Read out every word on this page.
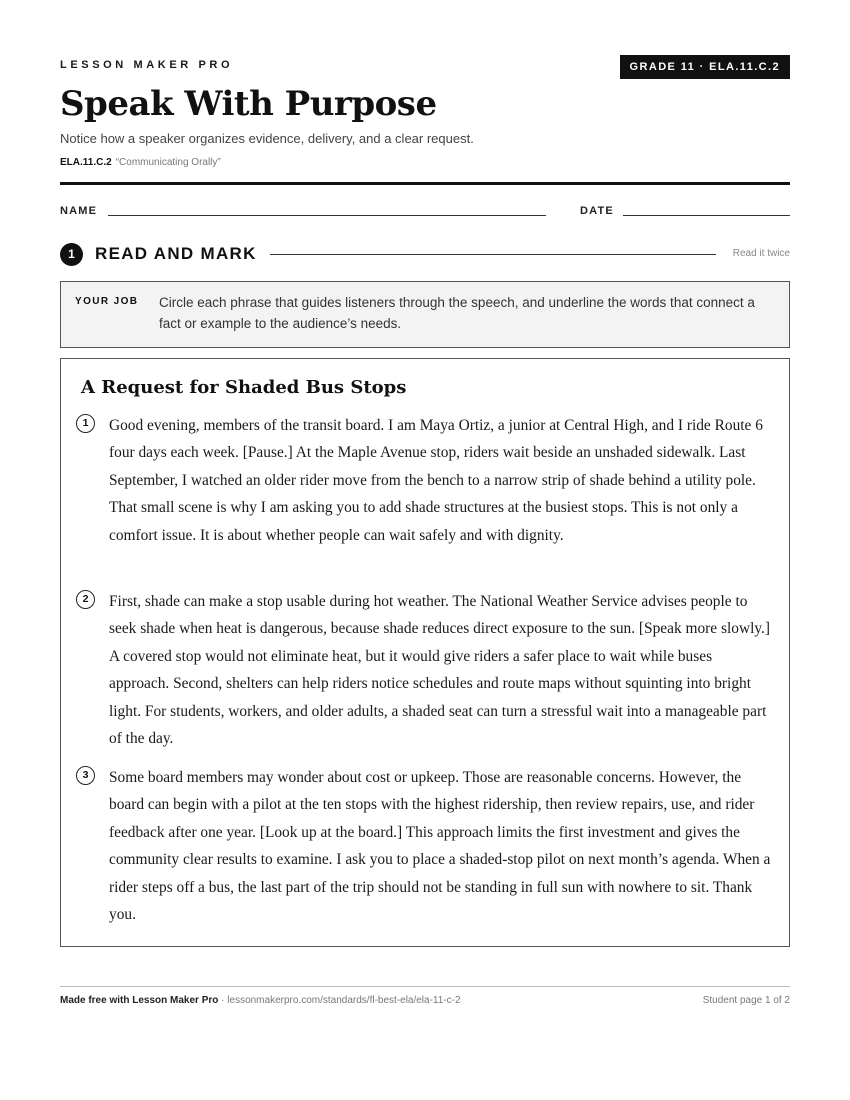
LESSON MAKER PRO	GRADE 11 · ELA.11.C.2
Speak With Purpose
Notice how a speaker organizes evidence, delivery, and a clear request.
ELA.11.C.2 “Communicating Orally”
NAME	DATE
1	READ AND MARK	Read it twice
YOUR JOB Circle each phrase that guides listeners through the speech, and underline the words that connect a fact or example to the audience’s needs.
A Request for Shaded Bus Stops
1	Good evening, members of the transit board. I am Maya Ortiz, a junior at Central High, and I ride Route 6 four days each week. [Pause.] At the Maple Avenue stop, riders wait beside an unshaded sidewalk. Last September, I watched an older rider move from the bench to a narrow strip of shade behind a utility pole. That small scene is why I am asking you to add shade structures at the busiest stops. This is not only a comfort issue. It is about whether people can wait safely and with dignity.

2	First, shade can make a stop usable during hot weather. The National Weather Service advises people to seek shade when heat is dangerous, because shade reduces direct exposure to the sun. [Speak more slowly.] A covered stop would not eliminate heat, but it would give riders a safer place to wait while buses approach. Second, shelters can help riders notice schedules and route maps without squinting into bright light. For students, workers, and older adults, a shaded seat can turn a stressful wait into a manageable part of the day.

3	Some board members may wonder about cost or upkeep. Those are reasonable concerns. However, the board can begin with a pilot at the ten stops with the highest ridership, then review repairs, use, and rider feedback after one year. [Look up at the board.] This approach limits the first investment and gives the community clear results to examine. I ask you to place a shaded-stop pilot on next month’s agenda. When a rider steps off a bus, the last part of the trip should not be standing in full sun with nowhere to sit. Thank you.

Made free with Lesson Maker Pro · lessonmakerpro.com/standards/fl-best-ela/ela-11-c-2	Student page 1 of 2
